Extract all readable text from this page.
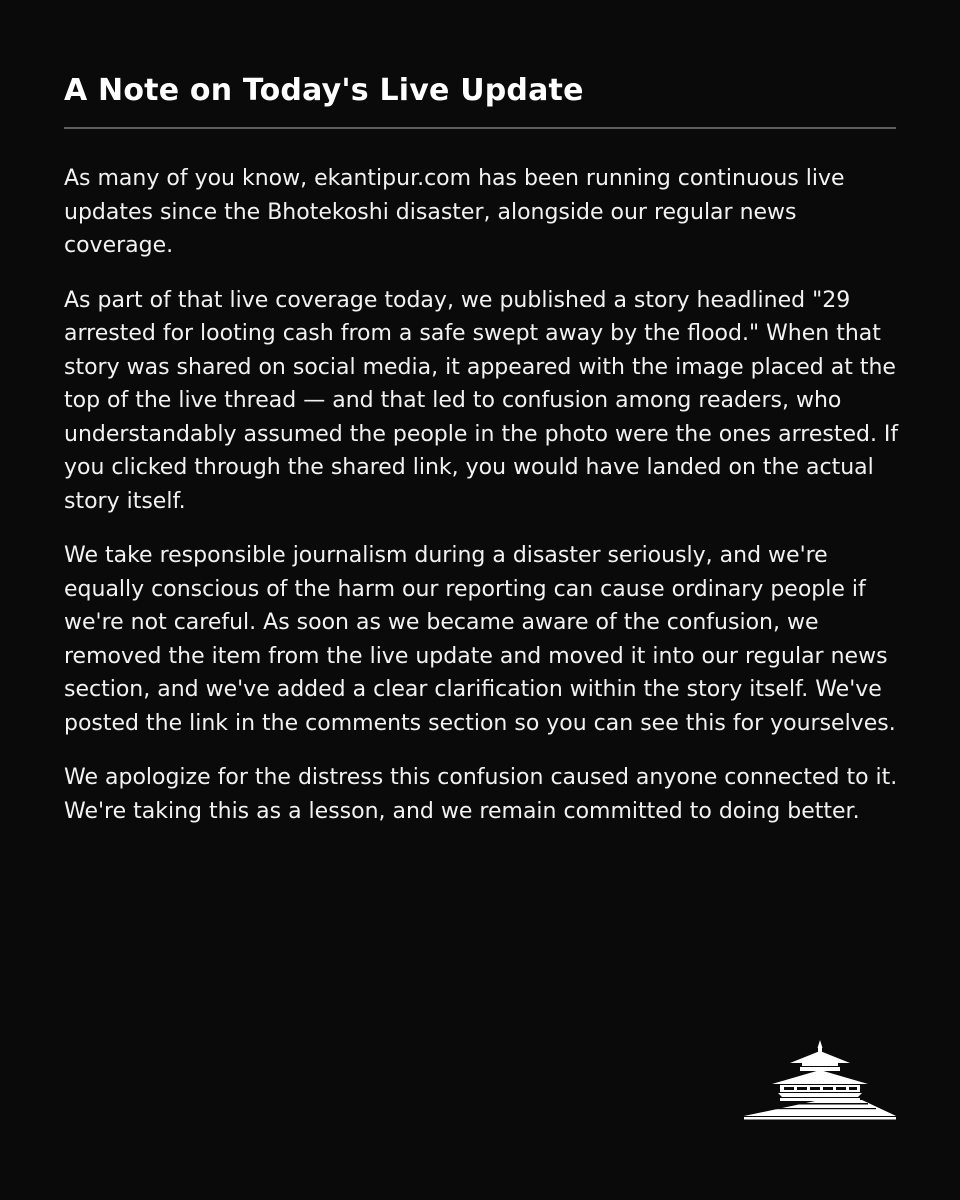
A Note on Today's Live Update

As many of you know, ekantipur.com has been running continuous live updates since the Bhotekoshi disaster, alongside our regular news coverage.

As part of that live coverage today, we published a story headlined "29 arrested for looting cash from a safe swept away by the flood." When that story was shared on social media, it appeared with the image placed at the top of the live thread — and that led to confusion among readers, who understandably assumed the people in the photo were the ones arrested. If you clicked through the shared link, you would have landed on the actual story itself.

We take responsible journalism during a disaster seriously, and we're equally conscious of the harm our reporting can cause ordinary people if we're not careful. As soon as we became aware of the confusion, we removed the item from the live update and moved it into our regular news section, and we've added a clear clarification within the story itself. We've posted the link in the comments section so you can see this for yourselves.

We apologize for the distress this confusion caused anyone connected to it. We're taking this as a lesson, and we remain committed to doing better.
